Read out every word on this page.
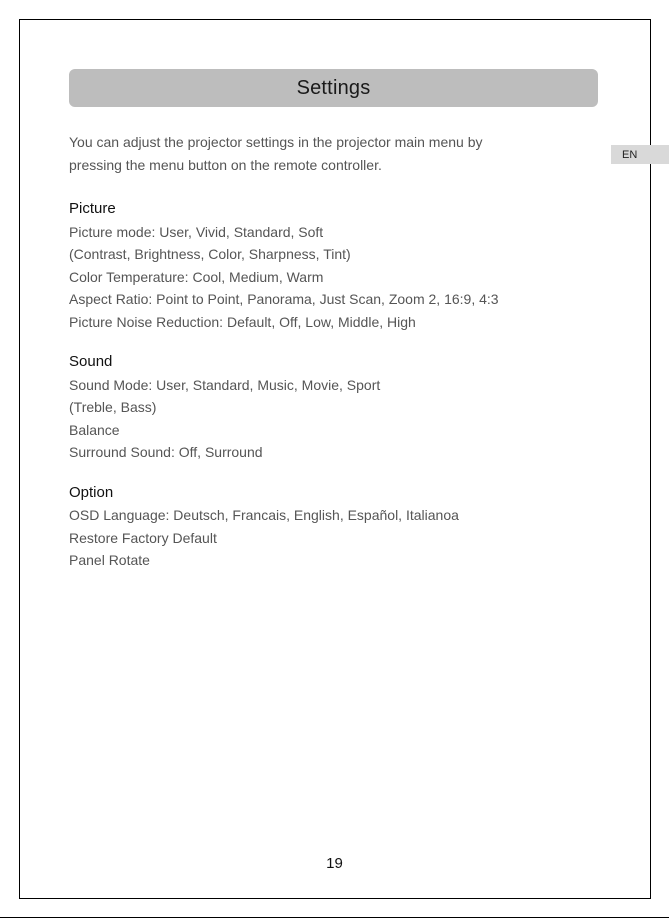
Settings
EN

You can adjust the projector settings in the projector main menu by

pressing the menu button on the remote controller.

Picture

Picture mode: User, Vivid, Standard, Soft

(Contrast, Brightness, Color, Sharpness, Tint)

Color Temperature: Cool, Medium, Warm

Aspect Ratio: Point to Point, Panorama, Just Scan, Zoom 2, 16:9, 4:3

Picture Noise Reduction: Default, Off, Low, Middle, High

Sound

Sound Mode: User, Standard, Music, Movie, Sport

(Treble, Bass)

Balance

Surround Sound: Off, Surround

Option

OSD Language: Deutsch, Francais, English, Español, Italianoa

Restore Factory Default

Panel Rotate

19
